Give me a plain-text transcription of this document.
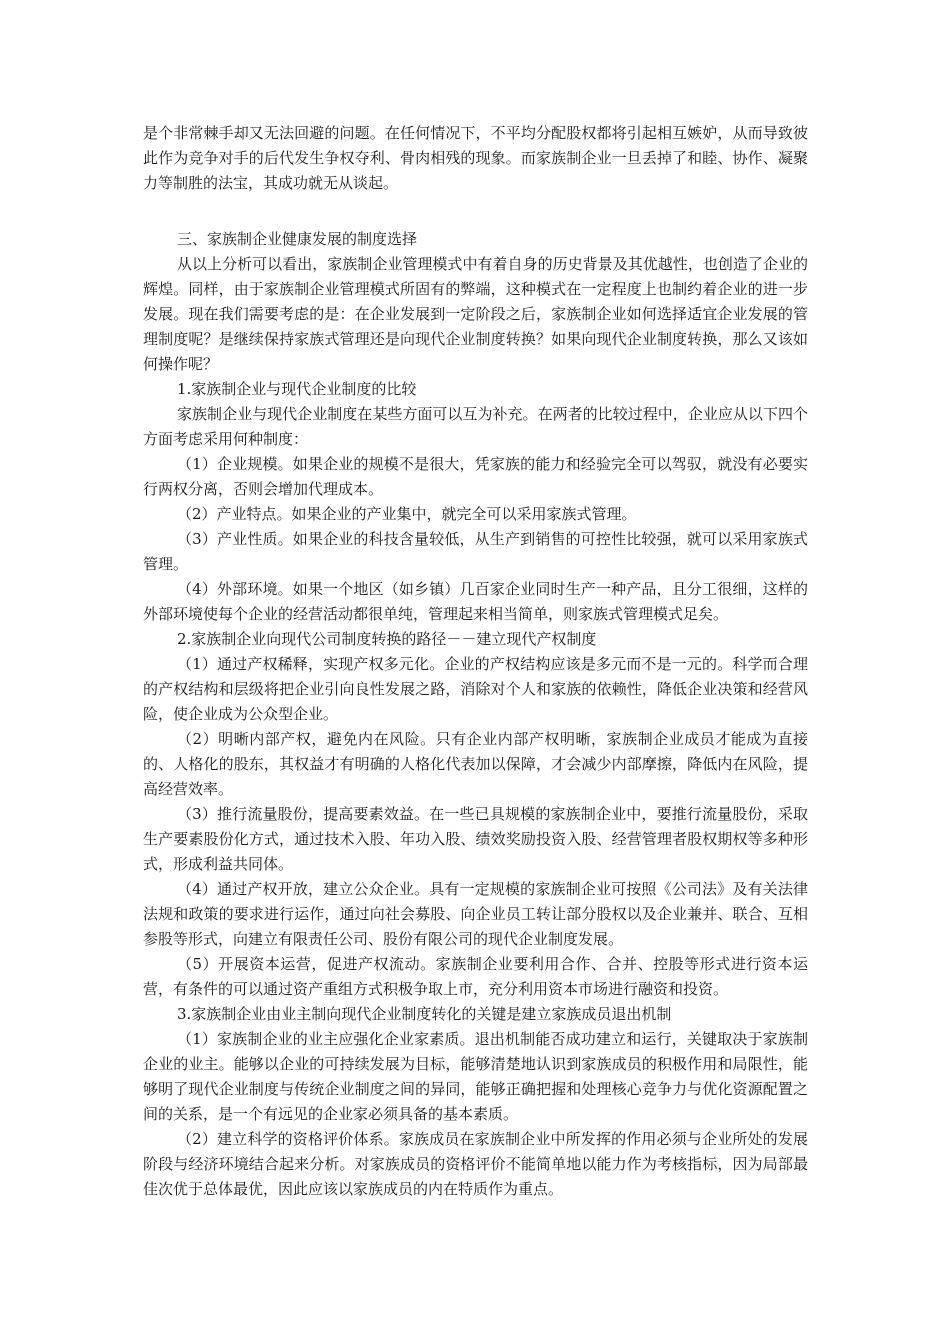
是个非常棘手却又无法回避的问题。在任何情况下，不平均分配股权都将引起相互嫉妒，从而导致彼此作为竞争对手的后代发生争权夺利、骨肉相残的现象。而家族制企业一旦丢掉了和睦、协作、凝聚力等制胜的法宝，其成功就无从谈起。

三、家族制企业健康发展的制度选择

从以上分析可以看出，家族制企业管理模式中有着自身的历史背景及其优越性，也创造了企业的辉煌。同样，由于家族制企业管理模式所固有的弊端，这种模式在一定程度上也制约着企业的进一步发展。现在我们需要考虑的是：在企业发展到一定阶段之后，家族制企业如何选择适宜企业发展的管理制度呢？是继续保持家族式管理还是向现代企业制度转换？如果向现代企业制度转换，那么又该如何操作呢？

1.家族制企业与现代企业制度的比较

家族制企业与现代企业制度在某些方面可以互为补充。在两者的比较过程中，企业应从以下四个方面考虑采用何种制度：

（1）企业规模。如果企业的规模不是很大，凭家族的能力和经验完全可以驾驭，就没有必要实行两权分离，否则会增加代理成本。

（2）产业特点。如果企业的产业集中，就完全可以采用家族式管理。

（3）产业性质。如果企业的科技含量较低，从生产到销售的可控性比较强，就可以采用家族式管理。

（4）外部环境。如果一个地区（如乡镇）几百家企业同时生产一种产品，且分工很细，这样的外部环境使每个企业的经营活动都很单纯，管理起来相当简单，则家族式管理模式足矣。

2.家族制企业向现代公司制度转换的路径－－建立现代产权制度

（1）通过产权稀释，实现产权多元化。企业的产权结构应该是多元而不是一元的。科学而合理的产权结构和层级将把企业引向良性发展之路，消除对个人和家族的依赖性，降低企业决策和经营风险，使企业成为公众型企业。

（2）明晰内部产权，避免内在风险。只有企业内部产权明晰，家族制企业成员才能成为直接的、人格化的股东，其权益才有明确的人格化代表加以保障，才会减少内部摩擦，降低内在风险，提高经营效率。

（3）推行流量股份，提高要素效益。在一些已具规模的家族制企业中，要推行流量股份，采取生产要素股份化方式，通过技术入股、年功入股、绩效奖励投资入股、经营管理者股权期权等多种形式，形成利益共同体。

（4）通过产权开放，建立公众企业。具有一定规模的家族制企业可按照《公司法》及有关法律法规和政策的要求进行运作，通过向社会募股、向企业员工转让部分股权以及企业兼并、联合、互相参股等形式，向建立有限责任公司、股份有限公司的现代企业制度发展。

（5）开展资本运营，促进产权流动。家族制企业要利用合作、合并、控股等形式进行资本运营，有条件的可以通过资产重组方式积极争取上市，充分利用资本市场进行融资和投资。

3.家族制企业由业主制向现代企业制度转化的关键是建立家族成员退出机制

（1）家族制企业的业主应强化企业家素质。退出机制能否成功建立和运行，关键取决于家族制企业的业主。能够以企业的可持续发展为目标，能够清楚地认识到家族成员的积极作用和局限性，能够明了现代企业制度与传统企业制度之间的异同，能够正确把握和处理核心竞争力与优化资源配置之间的关系，是一个有远见的企业家必须具备的基本素质。

（2）建立科学的资格评价体系。家族成员在家族制企业中所发挥的作用必须与企业所处的发展阶段与经济环境结合起来分析。对家族成员的资格评价不能简单地以能力作为考核指标，因为局部最佳次优于总体最优，因此应该以家族成员的内在特质作为重点。
